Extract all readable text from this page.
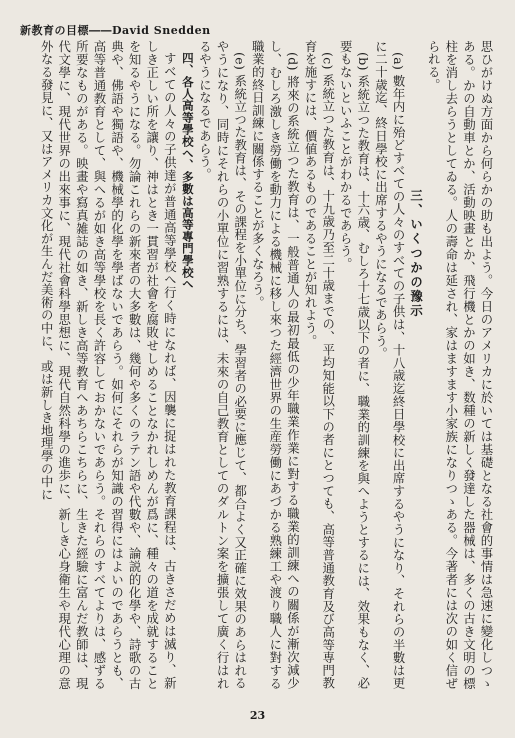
新教育の目標――David Snedden

思ひがけぬ方面から何らかの助も出よう。今日のアメリカに於いては基礎となる社會的事情は急速に變化しつゝある。かの自動車とか、活動映畫とか、飛行機とかの如き、数種の新しく發達した器械は、多くの古き文明の標柱を消し去らうとしてゐる。人の壽命は延され、家はますます小家族になりつゝある。今著者には次の如く信ぜられる。

三、いくつかの豫示

(a) 數年内に殆どすべての人々のすべての子供は、十八歳迄終日學校に出席するやうになり、それらの半數は更に二十歳迄、終日學校に出席するやうになるであらう。

(b) 系統立つた教育は、十六歳、むしろ十七歳以下の者に、職業的訓練を與へようとするには、效果もなく、必要もないといふことがわかるであらう。

(c) 系統立つた教育は、十九歳乃至二十歳までの、平均知能以下の者にとつても、高等普通教育及び高等専門教育を施すには、價値あるものであることが知れよう。

(d) 將來の系統立つた教育は、一般普通人の最初最低の少年職業作業に對する職業的訓練への關係が漸次減少し、むしろ激しき勞働を動力による機械に移し來つた經濟世界の生産勞働にあづかる熟練工や渡り職人に對する職業的終日訓練に關係することが多くなろう。

(e) 系統立つた教育は、その課程を小單位に分ち、學習者の必要に應じて、都合よく又正確に效果のあらはれるやうになり、同時にそれらの小單位に習熟するには、未來の自己教育としてのダルトン案を擴張して廣く行はれるやうになるであらう。

四、各人高等學校へ、多數は高等專門學校へ

すべての人々の子供達が普通高等學校へ行く時になれば、因襲に捉はれた教育課程は、古きさだめは滅り、新しき正しい所を讓り、神はとき一貫習が社會を腐敗せしめることなかれしめんが爲に、種々の道を成就することを知るやうになる。勿論これらの新來者の大多數は、幾何や多くのラテン語や代數や、論説的化學や、詩歌の古典や、佛語や獨語や、機械學的化學を學ばないであらう。如何にそれらが知識の習得にはよいのであらうとも、高等普通教育として、與へるが如き高等學校を長く許容しておかないであらう。それらのすべてよりは、感ずる所要なものがある。映畫や寫真雑誌の如き、新しき高等教育へあちらこちらに、生きた經驗に富んだ教師は、現代文學に、現代世界の出來事に、現代社會科學思想に、現代自然科學の進歩に、新しき心身衛生や現代心理の意外なる發見に、又はアメリカ文化が生んだ美術の中に、或は新しき地理學の中に

23
